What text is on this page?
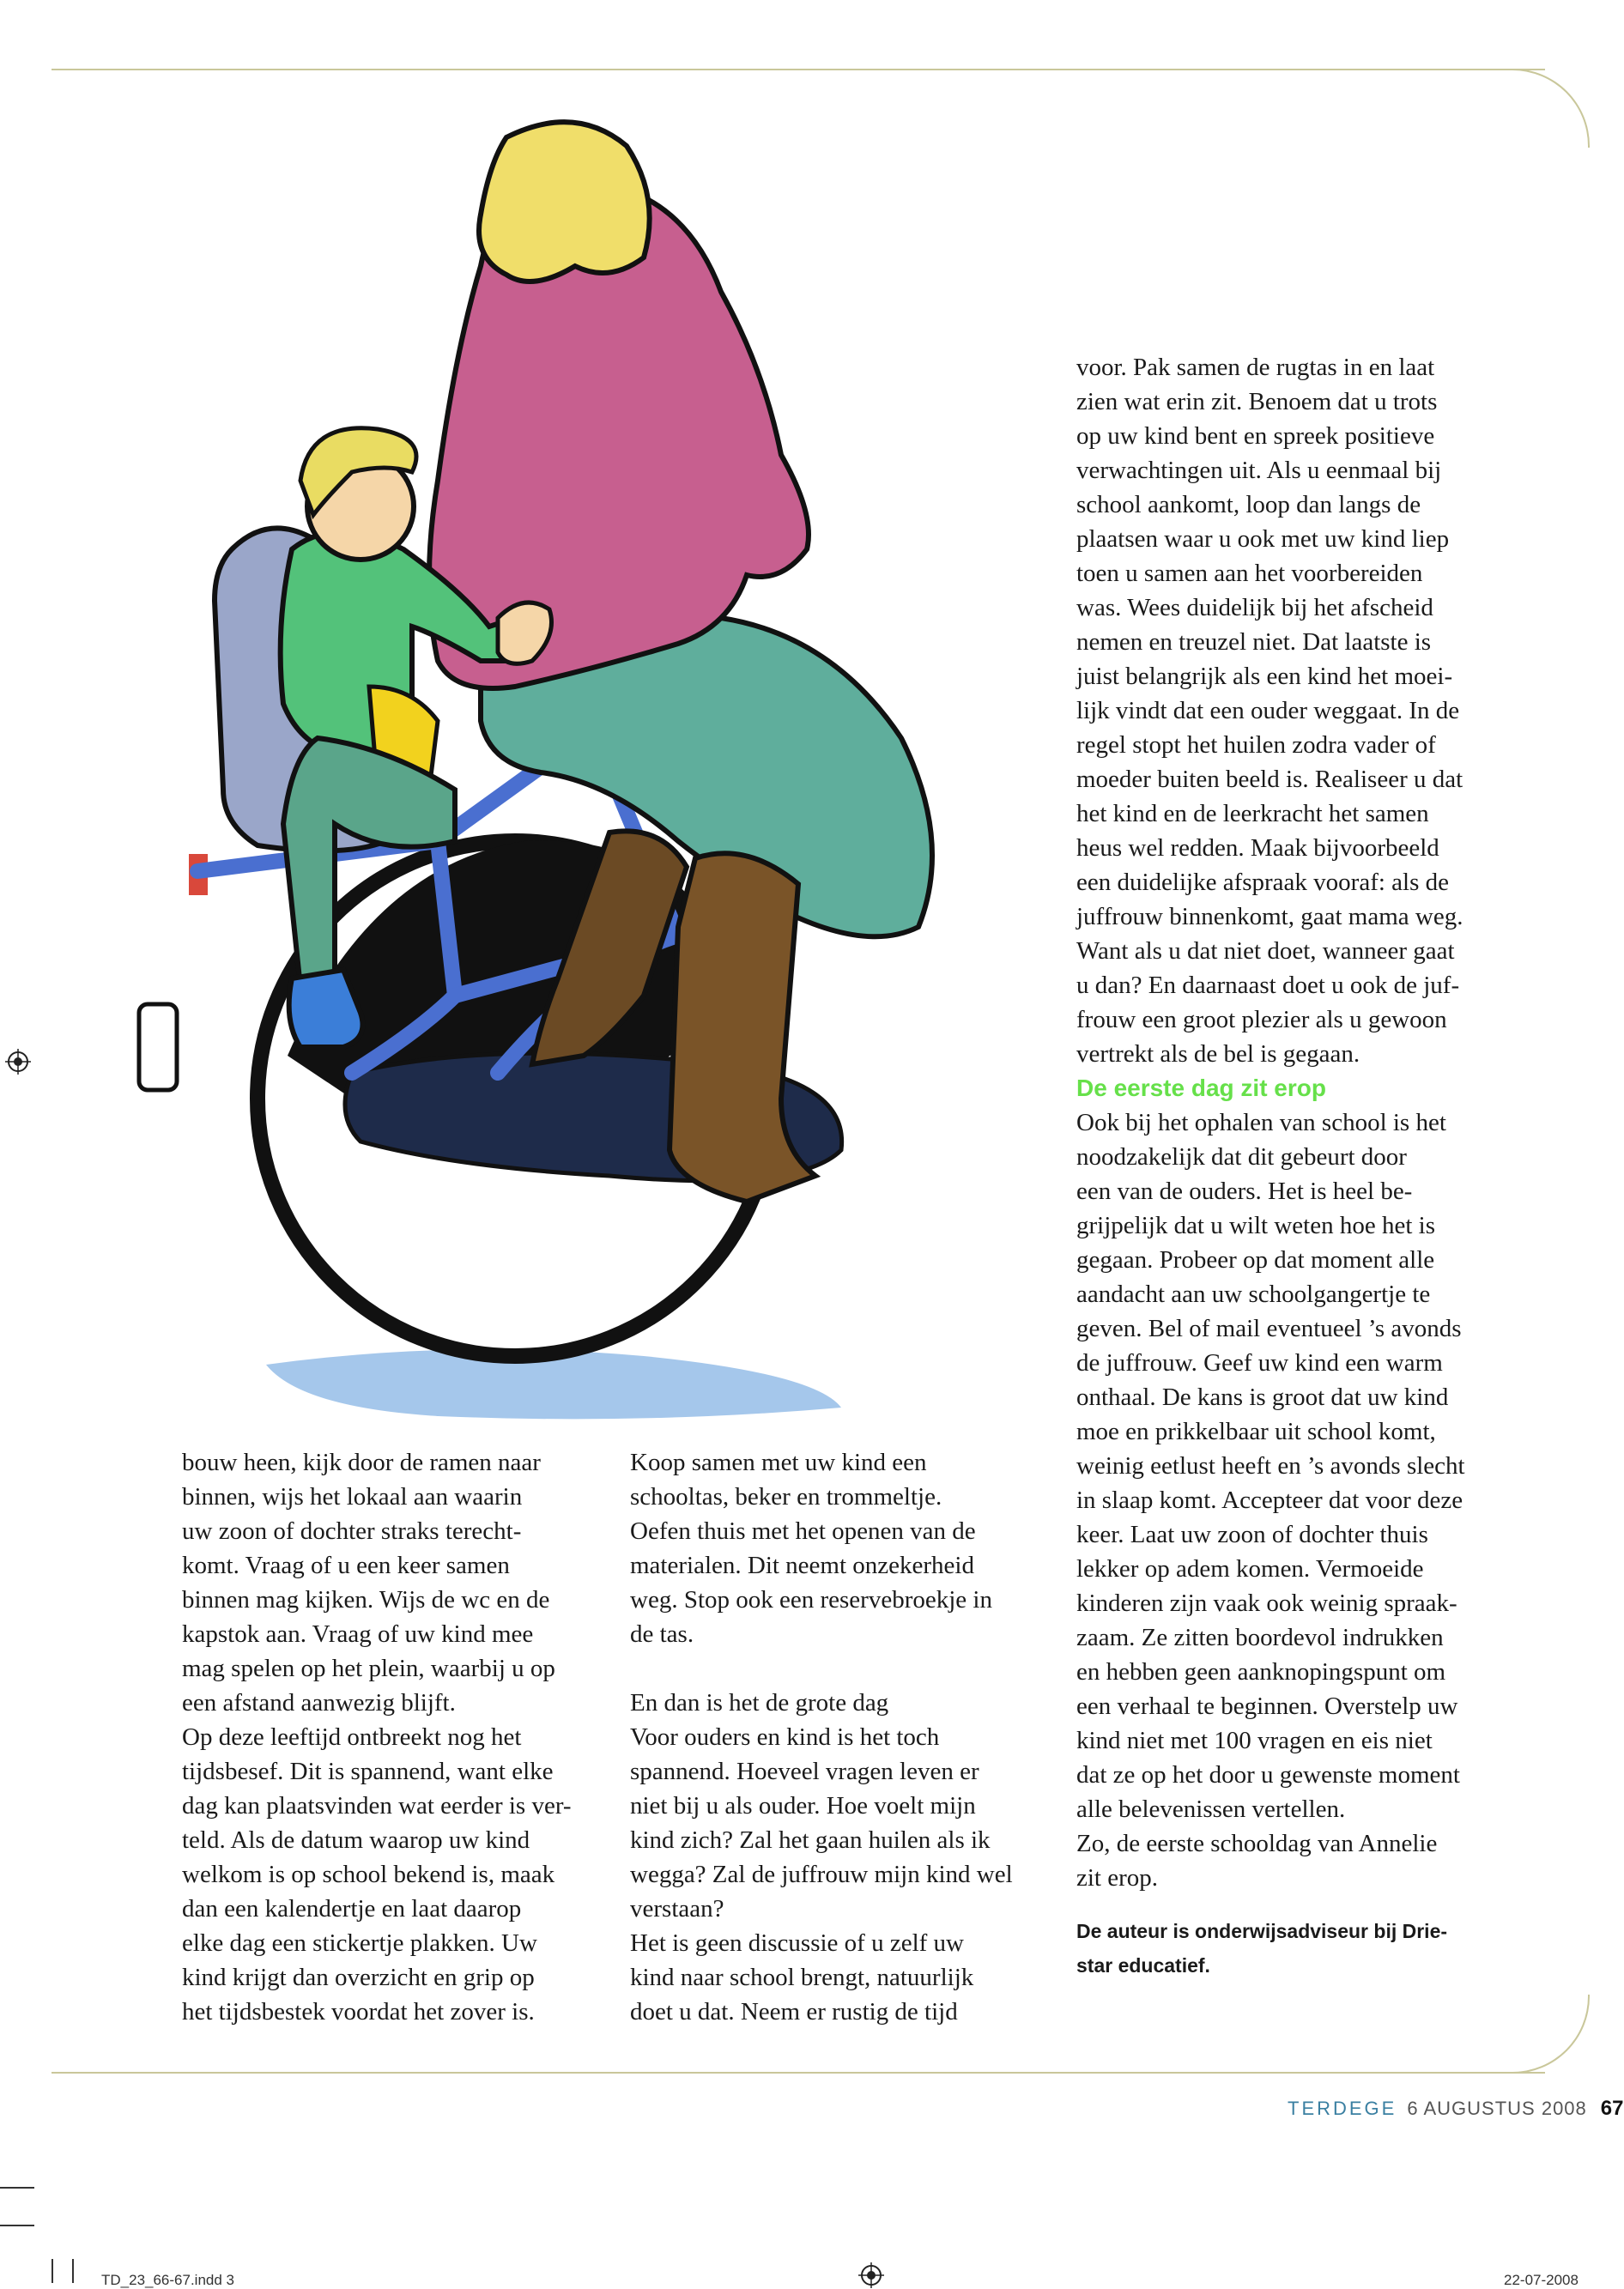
bouw heen, kijk door de ramen naar

binnen, wijs het lokaal aan waarin

uw zoon of dochter straks terecht-

komt. Vraag of u een keer samen

binnen mag kijken. Wijs de wc en de

kapstok aan. Vraag of uw kind mee

mag spelen op het plein, waarbij u op

een afstand aanwezig blijft.

Op deze leeftijd ontbreekt nog het

tijdsbesef. Dit is spannend, want elke

dag kan plaatsvinden wat eerder is ver-

teld. Als de datum waarop uw kind

welkom is op school bekend is, maak

dan een kalendertje en laat daarop

elke dag een stickertje plakken. Uw

kind krijgt dan overzicht en grip op

het tijdsbestek voordat het zover is.

Koop samen met uw kind een

schooltas, beker en trommeltje.

Oefen thuis met het openen van de

materialen. Dit neemt onzekerheid

weg. Stop ook een reservebroekje in

de tas.

En dan is het de grote dag

Voor ouders en kind is het toch

spannend. Hoeveel vragen leven er

niet bij u als ouder. Hoe voelt mijn

kind zich? Zal het gaan huilen als ik

wegga? Zal de juffrouw mijn kind wel

verstaan?

Het is geen discussie of u zelf uw

kind naar school brengt, natuurlijk

doet u dat. Neem er rustig de tijd

voor. Pak samen de rugtas in en laat

zien wat erin zit. Benoem dat u trots

op uw kind bent en spreek positieve

verwachtingen uit. Als u eenmaal bij

school aankomt, loop dan langs de

plaatsen waar u ook met uw kind liep

toen u samen aan het voorbereiden

was. Wees duidelijk bij het afscheid

nemen en treuzel niet. Dat laatste is

juist belangrijk als een kind het moei-

lijk vindt dat een ouder weggaat. In de

regel stopt het huilen zodra vader of

moeder buiten beeld is. Realiseer u dat

het kind en de leerkracht het samen

heus wel redden. Maak bijvoorbeeld

een duidelijke afspraak vooraf: als de

juffrouw binnenkomt, gaat mama weg.

Want als u dat niet doet, wanneer gaat

u dan? En daarnaast doet u ook de juf-

frouw een groot plezier als u gewoon

vertrekt als de bel is gegaan.

De eerste dag zit erop

Ook bij het ophalen van school is het

noodzakelijk dat dit gebeurt door

een van de ouders. Het is heel be-

grijpelijk dat u wilt weten hoe het is

gegaan. Probeer op dat moment alle

aandacht aan uw schoolgangertje te

geven. Bel of mail eventueel ’s avonds

de juffrouw. Geef uw kind een warm

onthaal. De kans is groot dat uw kind

moe en prikkelbaar uit school komt,

weinig eetlust heeft en ’s avonds slecht

in slaap komt. Accepteer dat voor deze

keer. Laat uw zoon of dochter thuis

lekker op adem komen. Vermoeide

kinderen zijn vaak ook weinig spraak-

zaam. Ze zitten boordevol indrukken

en hebben geen aanknopingspunt om

een verhaal te beginnen. Overstelp uw

kind niet met 100 vragen en eis niet

dat ze op het door u gewenste moment

alle belevenissen vertellen.

Zo, de eerste schooldag van Annelie

zit erop.

De auteur is onderwijsadviseur bij Drie-

star educatief.

TERDEGE 6 AUGUSTUS 2008 67
TD_23_66-67.indd 3	22-07-2008
